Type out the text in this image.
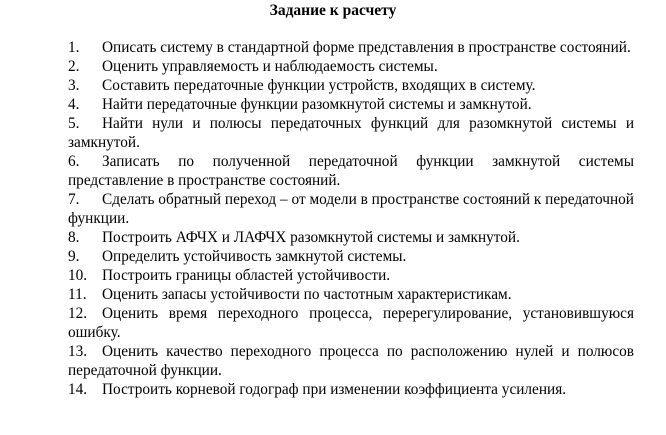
Задание к расчету
1. Описать систему в стандартной форме представления в пространстве состояний.
2. Оценить управляемость и наблюдаемость системы.
3. Составить передаточные функции устройств, входящих в систему.
4. Найти передаточные функции разомкнутой системы и замкнутой.
5. Найти нули и полюсы передаточных функций для разомкнутой системы и замкнутой.
6. Записать по полученной передаточной функции замкнутой системы представление в пространстве состояний.
7. Сделать обратный переход – от модели в пространстве состояний к передаточной функции.
8. Построить АФЧХ и ЛАФЧХ разомкнутой системы и замкнутой.
9. Определить устойчивость замкнутой системы.
10. Построить границы областей устойчивости.
11. Оценить запасы устойчивости по частотным характеристикам.
12. Оценить время переходного процесса, перерегулирование, установившуюся ошибку.
13. Оценить качество переходного процесса по расположению нулей и полюсов передаточной функции.
14. Построить корневой годограф при изменении коэффициента усиления.
